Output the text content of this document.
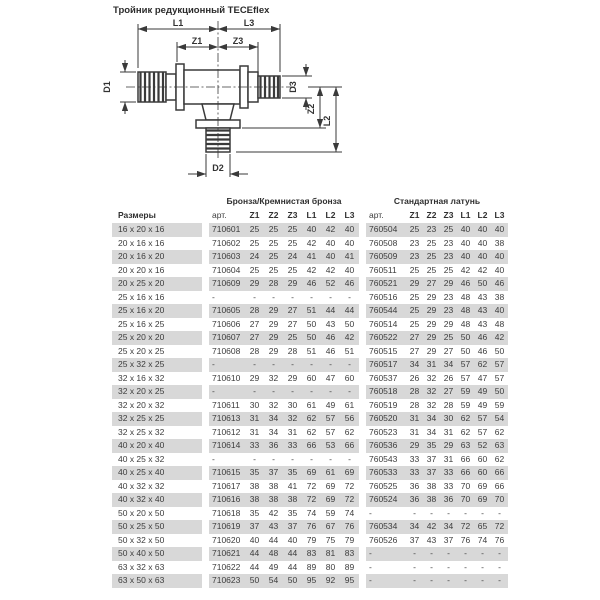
Тройник редукционный TECEflex
L1	L3
Z1	Z3
D1	D3
Z2
L2
D2
Бронза/Кремнистая бронза	Стандартная латунь
Размеры	арт.	Z1	Z2	Z3	L1	L2	L3	арт.	Z1 Z2 Z3 L1 L2 L3
16 x 20 x 16	710601	25	25	25	40	42	40	760504	25 23 25 40 40 40
20 x 16 x 16	710602	25	25	25	42	40	40	760508	23 25 23 40 40 38
20 x 16 x 20	710603	24	25	24	41	40	41	760509	23 25 23 40 40 40
20 x 20 x 16	710604	25	25	25	42	42	40	760511	25 25 25 42 42 40
20 x 25 x 20	710609	29	28	29	46	52	46	760521	29 27 29 46 50 46
25 x 16 x 16	-	-	-	-	-	-	-	760516	25 29 23 48 43 38
25 x 16 x 20	710605	28	29	27	51	44	44	760544	25 29 23 48 43 40
25 x 16 x 25	710606	27	29	27	50	43	50	760514	25 29 29 48 43 48
25 x 20 x 20	710607	27	29	25	50	46	42	760522	27 29 25 50 46 42
25 x 20 x 25	710608	28	29	28	51	46	51	760515	27 29 27 50 46 50
25 x 32 x 25	-	-	-	-	-	-	-	760517	34 31 34 57 62 57
32 x 16 x 32	710610	29	32	29	60	47	60	760537	26 32 26 57 47 57
32 x 20 x 25	-	-	-	-	-	-	-	760518	28 32 27 59 49 50
32 x 20 x 32	710611	30	32	30	61	49	61	760519	28 32 28 59 49 59
32 x 25 x 25	710613	31	34	32	62	57	56	760520	31 34 30 62 57 54
32 x 25 x 32	710612	31	34	31	62	57	62	760523	31 34 31 62 57 62
40 x 20 x 40	710614	33	36	33	66	53	66	760536	29 35 29 63 52 63
40 x 25 x 32	-	-	-	-	-	-	-	760543	33 37 31 66 60 62
40 x 25 x 40	710615	35	37	35	69	61	69	760533	33 37 33 66 60 66
40 x 32 x 32	710617	38	38	41	72	69	72	760525	36 38 33 70 69 66
40 x 32 x 40	710616	38	38	38	72	69	72	760524	36 38 36 70 69 70
50 x 20 x 50	710618	35	42	35	74	59	74	-	-	-	-	-	-	-
50 x 25 x 50	710619	37	43	37	76	67	76	760534	34 42 34 72 65 72
50 x 32 x 50	710620	40	44	40	79	75	79	760526	37 43 37 76 74 76
50 x 40 x 50	710621	44	48	44	83	81	83	-	-	-	-	-	-	-
63 x 32 x 63	710622	44	49	44	89	80	89	-	-	-	-	-	-	-
63 x 50 x 63	710623	50	54	50	95	92	95	-	-	-	-	-	-	-
